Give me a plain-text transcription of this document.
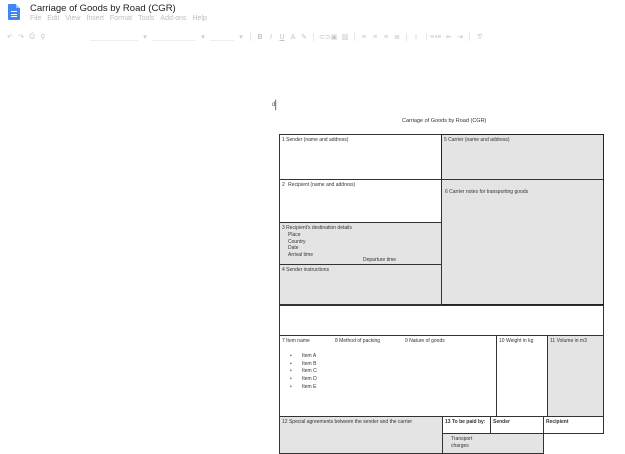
Carriage of Goods by Road (CGR)
File Edit View Insert Format Tools Add-ons Help
↶ ↷ ⎙ ⚲	▾	▾	▾	B	I	U A ✎ ⊂⊃ ▣ ▨ ≡ ≡ ≡ ≣	↕ ⋮≡ •≡ ⇤ ⇥ T̸
ᵈ▏
Carriage of Goods by Road (CGR)
1 Sender (name and address)	5 Carrier (name and address)
6 Carrier notes for transporting goods
2 Recipient (name and address)
3 Recipient's destination details
Place
Country
Date
Arrival time
Departure time
4 Sender instructions
7 Item name	8 Method of packing	9 Nature of goods	10 Weight in kg	11 Volume in m3
• Item A
• Item B
• Item C
• Item D
• Item E
12 Special agreements between the sender and the carrier	13 To be paid by:	Sender	Recipient
Transport charges
